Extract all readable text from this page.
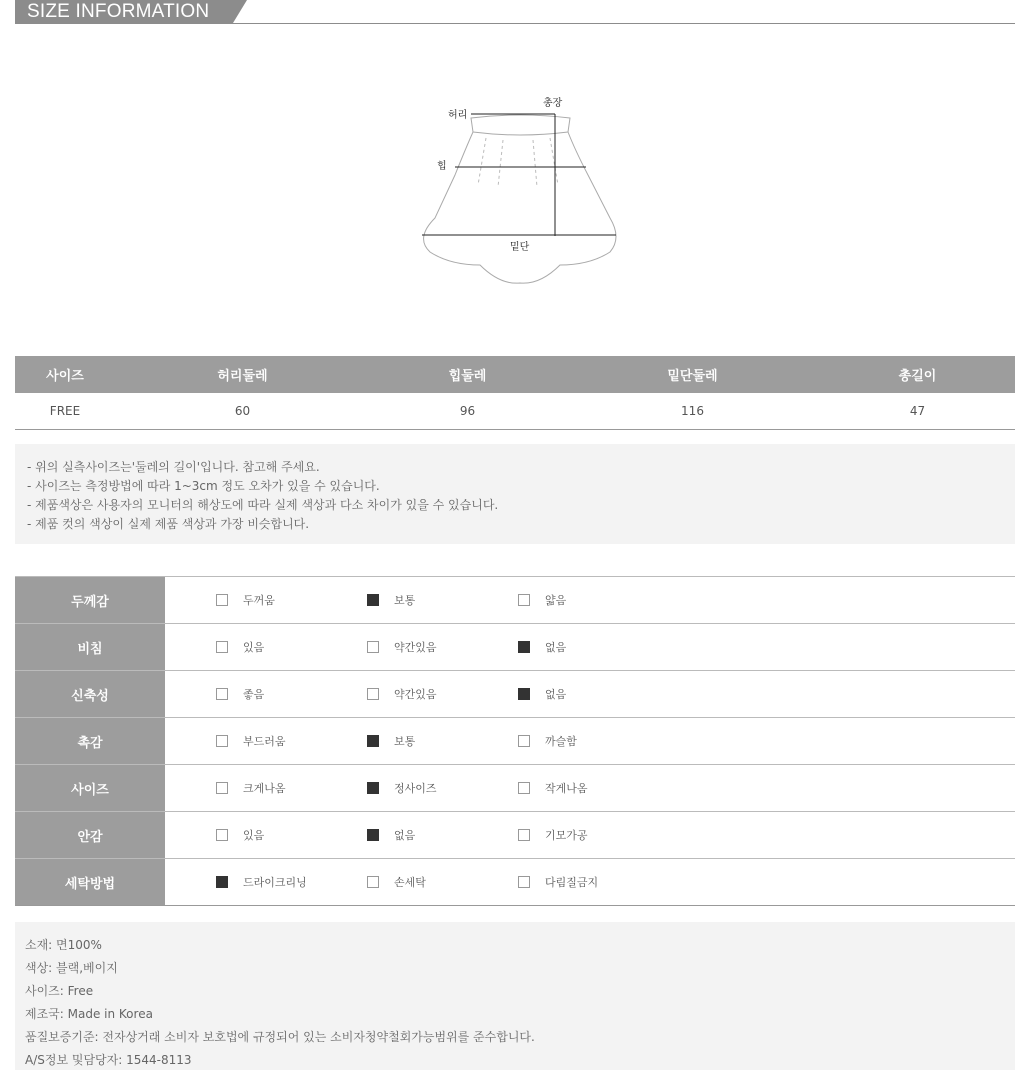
SIZE INFORMATION
허리
총장
힙
밑단
사이즈	허리둘레	힙둘레	밑단둘레	총길이
FREE	60	96	116	47
- 위의 실측사이즈는'둘레의 길이'입니다. 참고해 주세요.
- 사이즈는 측정방법에 따라 1~3cm 정도 오차가 있을 수 있습니다.
- 제품색상은 사용자의 모니터의 해상도에 따라 실제 색상과 다소 차이가 있을 수 있습니다.
- 제품 컷의 색상이 실제 제품 색상과 가장 비슷합니다.
두께감	두꺼움	보통	얇음
비침	있음	약간있음	없음
신축성	좋음	약간있음	없음
촉감	부드러움	보통	까슬함
사이즈	크게나옴	정사이즈	작게나옴
안감	있음	없음	기모가공
세탁방법	드라이크리닝	손세탁	다림질금지
소재: 면100%
색상: 블랙,베이지
사이즈: Free
제조국: Made in Korea
품질보증기준: 전자상거래 소비자 보호법에 규정되어 있는 소비자청약철회가능범위를 준수합니다.
A/S정보 및담당자: 1544-8113
